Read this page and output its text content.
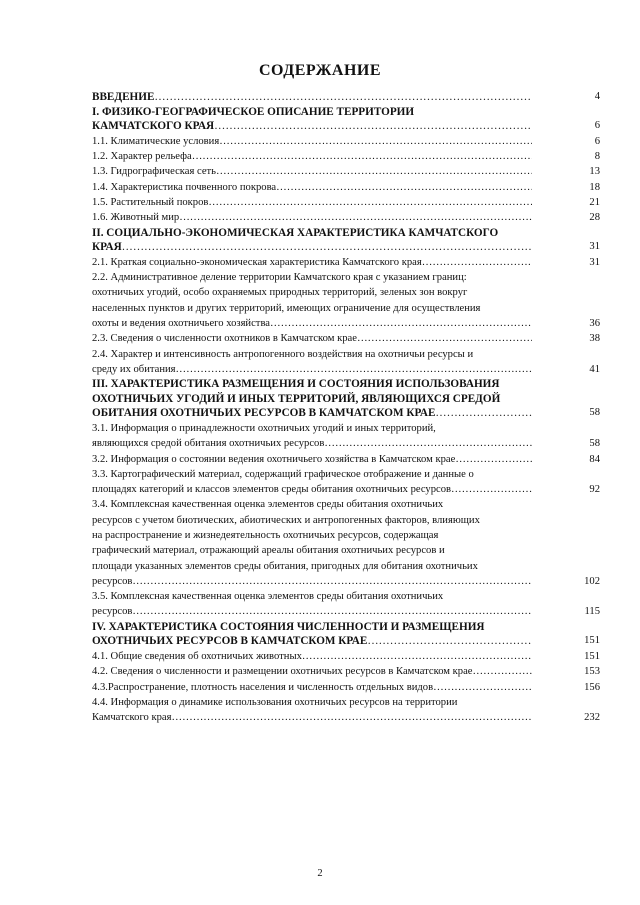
СОДЕРЖАНИЕ
ВВЕДЕНИЕ ………………………………………………………………………………………………………………………………………………………………………………………………	4
I. ФИЗИКО-ГЕОГРАФИЧЕСКОЕ ОПИСАНИЕ ТЕРРИТОРИИ
КАМЧАТСКОГО КРАЯ ………………………………………………………………………………………………………………………………………………………………………………………………	6
1.1. Климатические условия ………………………………………………………………………………………………………………………………………………………………………………………………	6
1.2. Характер рельефа ………………………………………………………………………………………………………………………………………………………………………………………………	8
1.3. Гидрографическая сеть ………………………………………………………………………………………………………………………………………………………………………………………………	13
1.4. Характеристика почвенного покрова ………………………………………………………………………………………………………………………………………………………………………………………………	18
1.5. Растительный покров ………………………………………………………………………………………………………………………………………………………………………………………………	21
1.6. Животный мир ………………………………………………………………………………………………………………………………………………………………………………………………	28
II. СОЦИАЛЬНО-ЭКОНОМИЧЕСКАЯ ХАРАКТЕРИСТИКА КАМЧАТСКОГО
КРАЯ ………………………………………………………………………………………………………………………………………………………………………………………………	31
2.1. Краткая социально-экономическая характеристика Камчатского края ………………………………………………………………………………………………………………………………………………………………………………………………	31
2.2. Административное деление территории Камчатского края с указанием границ:
охотничьих угодий, особо охраняемых природных территорий, зеленых зон вокруг
населенных пунктов и других территорий, имеющих ограничение для осуществления
охоты и ведения охотничьего хозяйства ………………………………………………………………………………………………………………………………………………………………………………………………	36
2.3. Сведения о численности охотников в Камчатском крае ………………………………………………………………………………………………………………………………………………………………………………………………	38
2.4. Характер и интенсивность антропогенного воздействия на охотничьи ресурсы и
среду их обитания ………………………………………………………………………………………………………………………………………………………………………………………………	41
III. ХАРАКТЕРИСТИКА РАЗМЕЩЕНИЯ И СОСТОЯНИЯ ИСПОЛЬЗОВАНИЯ
ОХОТНИЧЬИХ УГОДИЙ И ИНЫХ ТЕРРИТОРИЙ, ЯВЛЯЮЩИХСЯ СРЕДОЙ
ОБИТАНИЯ ОХОТНИЧЬИХ РЕСУРСОВ В КАМЧАТСКОМ КРАЕ ………………………………………………………………………………………………………………………………………………………………………………………………	58
3.1. Информация о принадлежности охотничьих угодий и иных территорий,
являющихся средой обитания охотничьих ресурсов ………………………………………………………………………………………………………………………………………………………………………………………………	58
3.2. Информация о состоянии ведения охотничьего хозяйства в Камчатском крае ………………………………………………………………………………………………………………………………………………………………………………………………	84
3.3. Картографический материал, содержащий графическое отображение и данные о
площадях категорий и классов элементов среды обитания охотничьих ресурсов ………………………………………………………………………………………………………………………………………………………………………………………………	92
3.4. Комплексная качественная оценка элементов среды обитания охотничьих
ресурсов с учетом биотических, абиотических и антропогенных факторов, влияющих
на распространение и жизнедеятельность охотничьих ресурсов, содержащая
графический материал, отражающий ареалы обитания охотничьих ресурсов и
площади указанных элементов среды обитания, пригодных для обитания охотничьих
ресурсов ………………………………………………………………………………………………………………………………………………………………………………………………	102
3.5. Комплексная качественная оценка элементов среды обитания охотничьих
ресурсов ………………………………………………………………………………………………………………………………………………………………………………………………	115
IV. ХАРАКТЕРИСТИКА СОСТОЯНИЯ ЧИСЛЕННОСТИ И РАЗМЕЩЕНИЯ
ОХОТНИЧЬИХ РЕСУРСОВ В КАМЧАТСКОМ КРАЕ ………………………………………………………………………………………………………………………………………………………………………………………………	151
4.1. Общие сведения об охотничьих животных ………………………………………………………………………………………………………………………………………………………………………………………………	151
4.2. Сведения о численности и размещении охотничьих ресурсов в Камчатском крае ………………………………………………………………………………………………………………………………………………………………………………………………	153
4.3.Распространение, плотность населения и численность отдельных видов ………………………………………………………………………………………………………………………………………………………………………………………………	156
4.4. Информация о динамике использования охотничьих ресурсов на территории
Камчатского края ………………………………………………………………………………………………………………………………………………………………………………………………	232
2
